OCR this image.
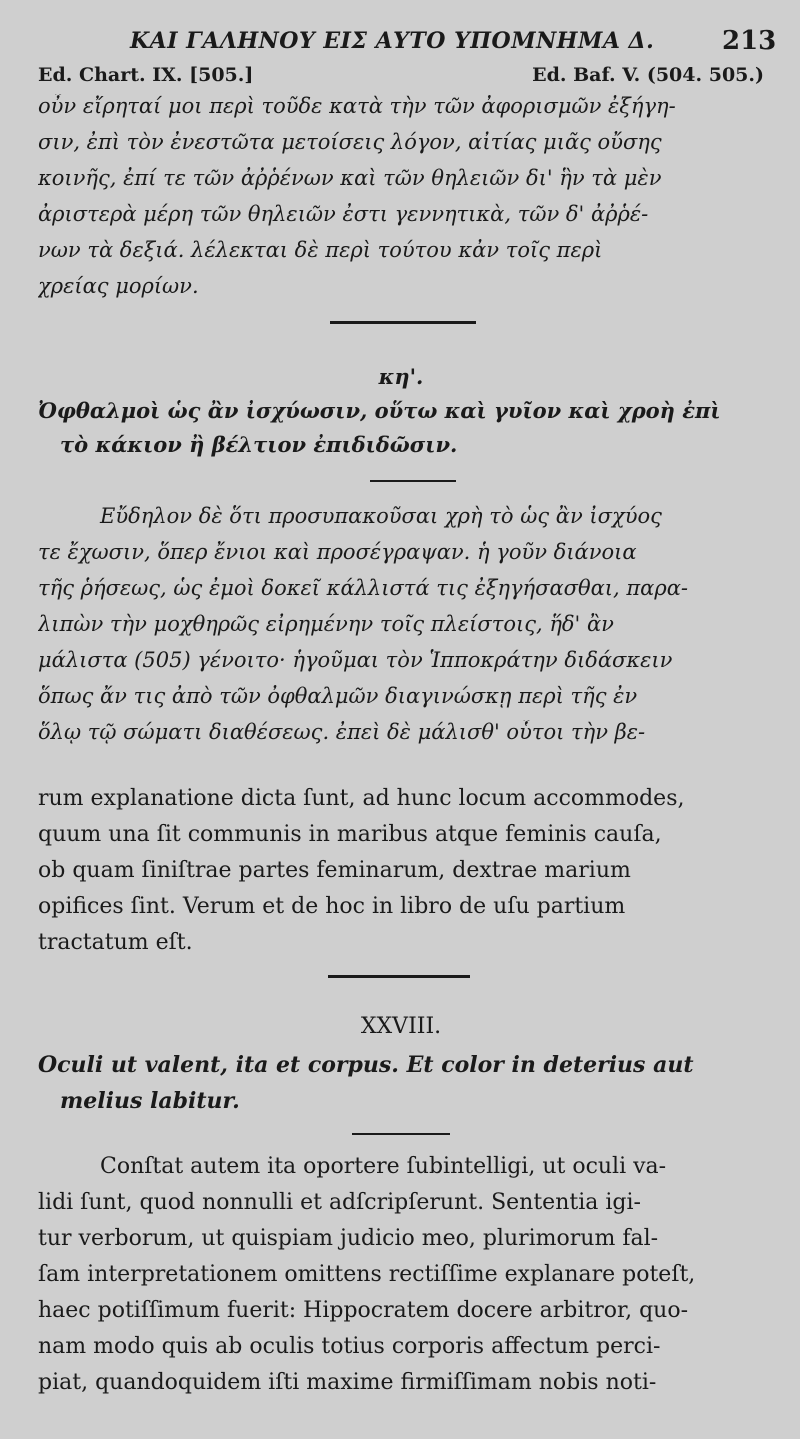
ΚΑΙ ΓΑΛΗΝΟΥ ΕΙΣ ΑΥΤΟ ΥΠΟΜΝΗΜΑ Δ.	213
Ed. Chart. IX. [505.]	Ed. Baf. V. (504. 505.)
οὖν εἴρηταί μοι περὶ τοῦδε κατὰ τὴν τῶν ἀφορισμῶν ἐξήγη-
σιν, ἐπὶ τὸν ἐνεστῶτα μετοίσεις λόγον, αἰτίας μιᾶς οὔσης
κοινῆς, ἐπί τε τῶν ἀῤῥένων καὶ τῶν θηλειῶν δι' ἣν τὰ μὲν
ἀριστερὰ μέρη τῶν θηλειῶν ἐστι γεννητικὰ, τῶν δ' ἀῤῥέ-
νων τὰ δεξιά. λέλεκται δὲ περὶ τούτου κἀν τοῖς περὶ
χρείας μορίων.
κη'.
Ὀφθαλμοὶ ὡς ἂν ἰσχύωσιν, οὕτω καὶ γυῖον καὶ χροὴ ἐπὶ
τὸ κάκιον ἢ βέλτιον ἐπιδιδῶσιν.
Εὔδηλον δὲ ὅτι προσυπακοῦσαι χρὴ τὸ ὡς ἂν ἰσχύος
τε ἔχωσιν, ὅπερ ἔνιοι καὶ προσέγραψαν. ἡ γοῦν διάνοια
τῆς ῥήσεως, ὡς ἐμοὶ δοκεῖ κάλλιστά τις ἐξηγήσασθαι, παρα-
λιπὼν τὴν μοχθηρῶς εἰρημένην τοῖς πλείστοις, ἥδ' ἂν
μάλιστα (505) γένοιτο· ἡγοῦμαι τὸν Ἱπποκράτην διδάσκειν
ὅπως ἄν τις ἀπὸ τῶν ὀφθαλμῶν διαγινώσκῃ περὶ τῆς ἐν
ὅλῳ τῷ σώματι διαθέσεως. ἐπεὶ δὲ μάλισθ' οὗτοι τὴν βε-
rum explanatione dicta ſunt, ad hunc locum accommodes,
quum una ſit communis in maribus atque feminis cauſa,
ob quam ſiniſtrae partes feminarum, dextrae marium
opifices ſint. Verum et de hoc in libro de uſu partium
tractatum eſt.
XXVIII.
Oculi ut valent, ita et corpus. Et color in deterius aut
melius labitur.
Conſtat autem ita oportere ſubintelligi, ut oculi va-
lidi ſunt, quod nonnulli et adſcripſerunt. Sententia igi-
tur verborum, ut quispiam judicio meo, plurimorum fal-
ſam interpretationem omittens rectiſſime explanare poteſt,
haec potiſſimum fuerit: Hippocratem docere arbitror, quo-
nam modo quis ab oculis totius corporis affectum perci-
piat, quandoquidem iſti maxime firmiſſimam nobis noti-
